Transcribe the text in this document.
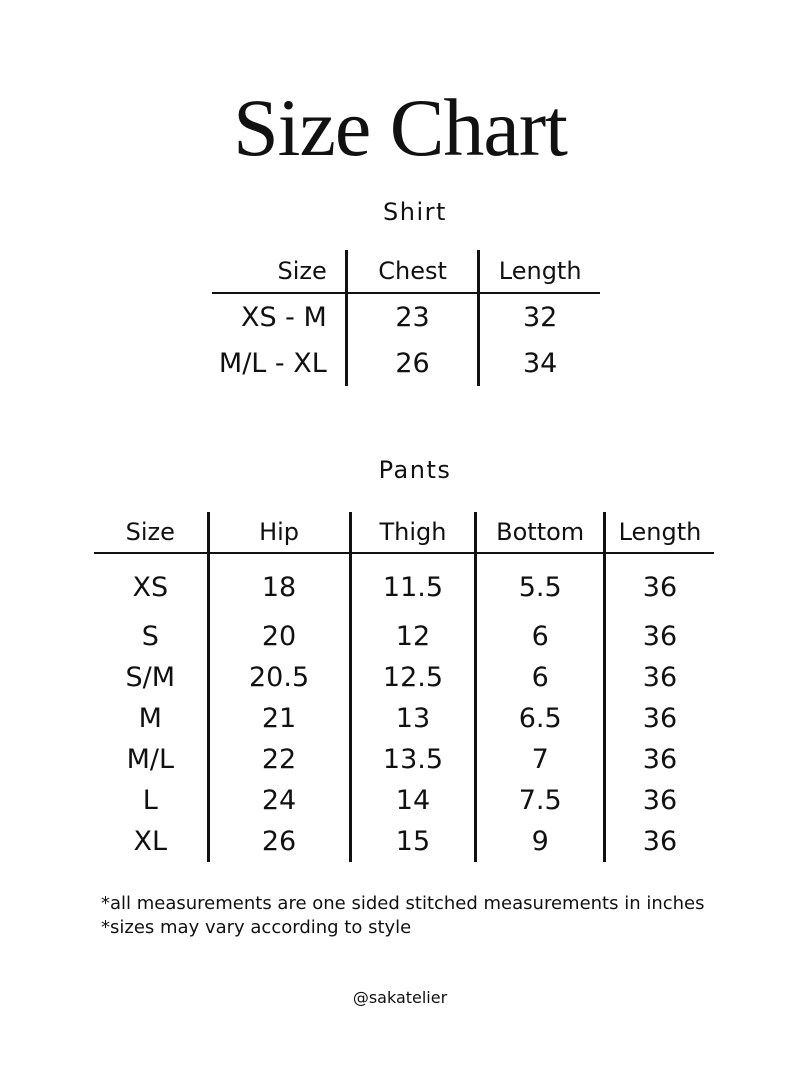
Size Chart
Shirt
Size	Chest	Length
XS - M	23	32
M/L - XL	26	34
Pants
Size	Hip	Thigh	Bottom	Length
XS	18	11.5	5.5	36
S	20	12	6	36
S/M	20.5	12.5	6	36
M	21	13	6.5	36
M/L	22	13.5	7	36
L	24	14	7.5	36
XL	26	15	9	36
*all measurements are one sided stitched measurements in inches
*sizes may vary according to style
@sakatelier
